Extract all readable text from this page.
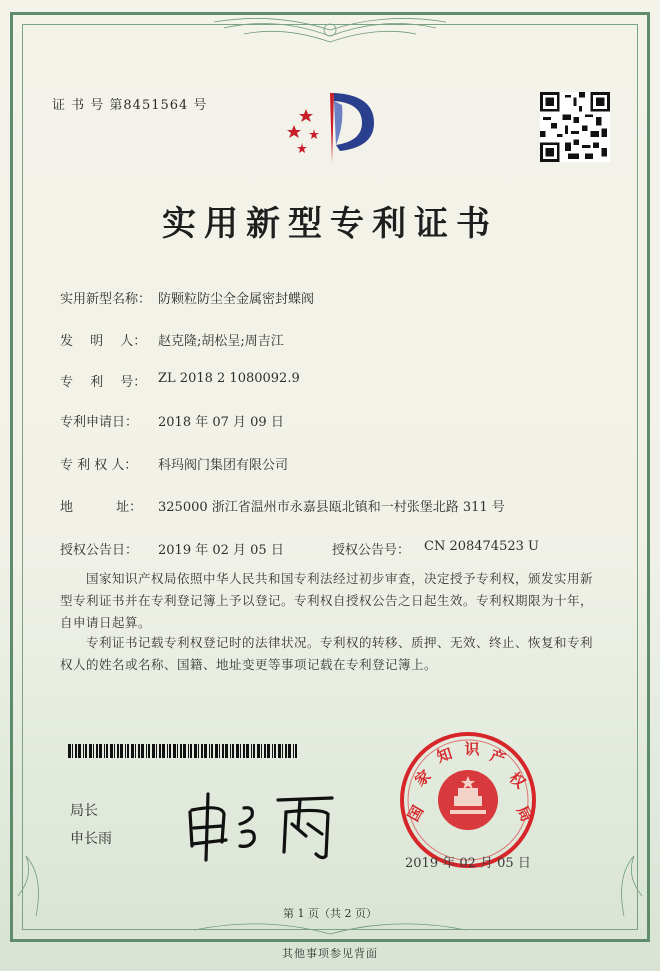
证 书 号 第8451564 号
实用新型专利证书
实用新型名称： 防颗粒防尘全金属密封蝶阀
发　 明　 人： 赵克隆;胡松呈;周吉江
专　 利　 号： ZL 2018 2 1080092.9
专利申请日： 2018 年 07 月 09 日
专 利 权 人： 科玛阀门集团有限公司
地　　　 址： 325000 浙江省温州市永嘉县瓯北镇和一村张堡北路 311 号
授权公告日： 2019 年 02 月 05 日	授权公告号： CN 208474523 U
国家知识产权局依照中华人民共和国专利法经过初步审查，决定授予专利权，颁发实用新型专利证书并在专利登记簿上予以登记。专利权自授权公告之日起生效。专利权期限为十年，自申请日起算。
专利证书记载专利权登记时的法律状况。专利权的转移、质押、无效、终止、恢复和专利权人的姓名或名称、国籍、地址变更等事项记载在专利登记簿上。
局长
申长雨
国
家
知 识 产
权
局
2019 年 02 月 05 日
第 1 页（共 2 页）
其他事项参见背面
